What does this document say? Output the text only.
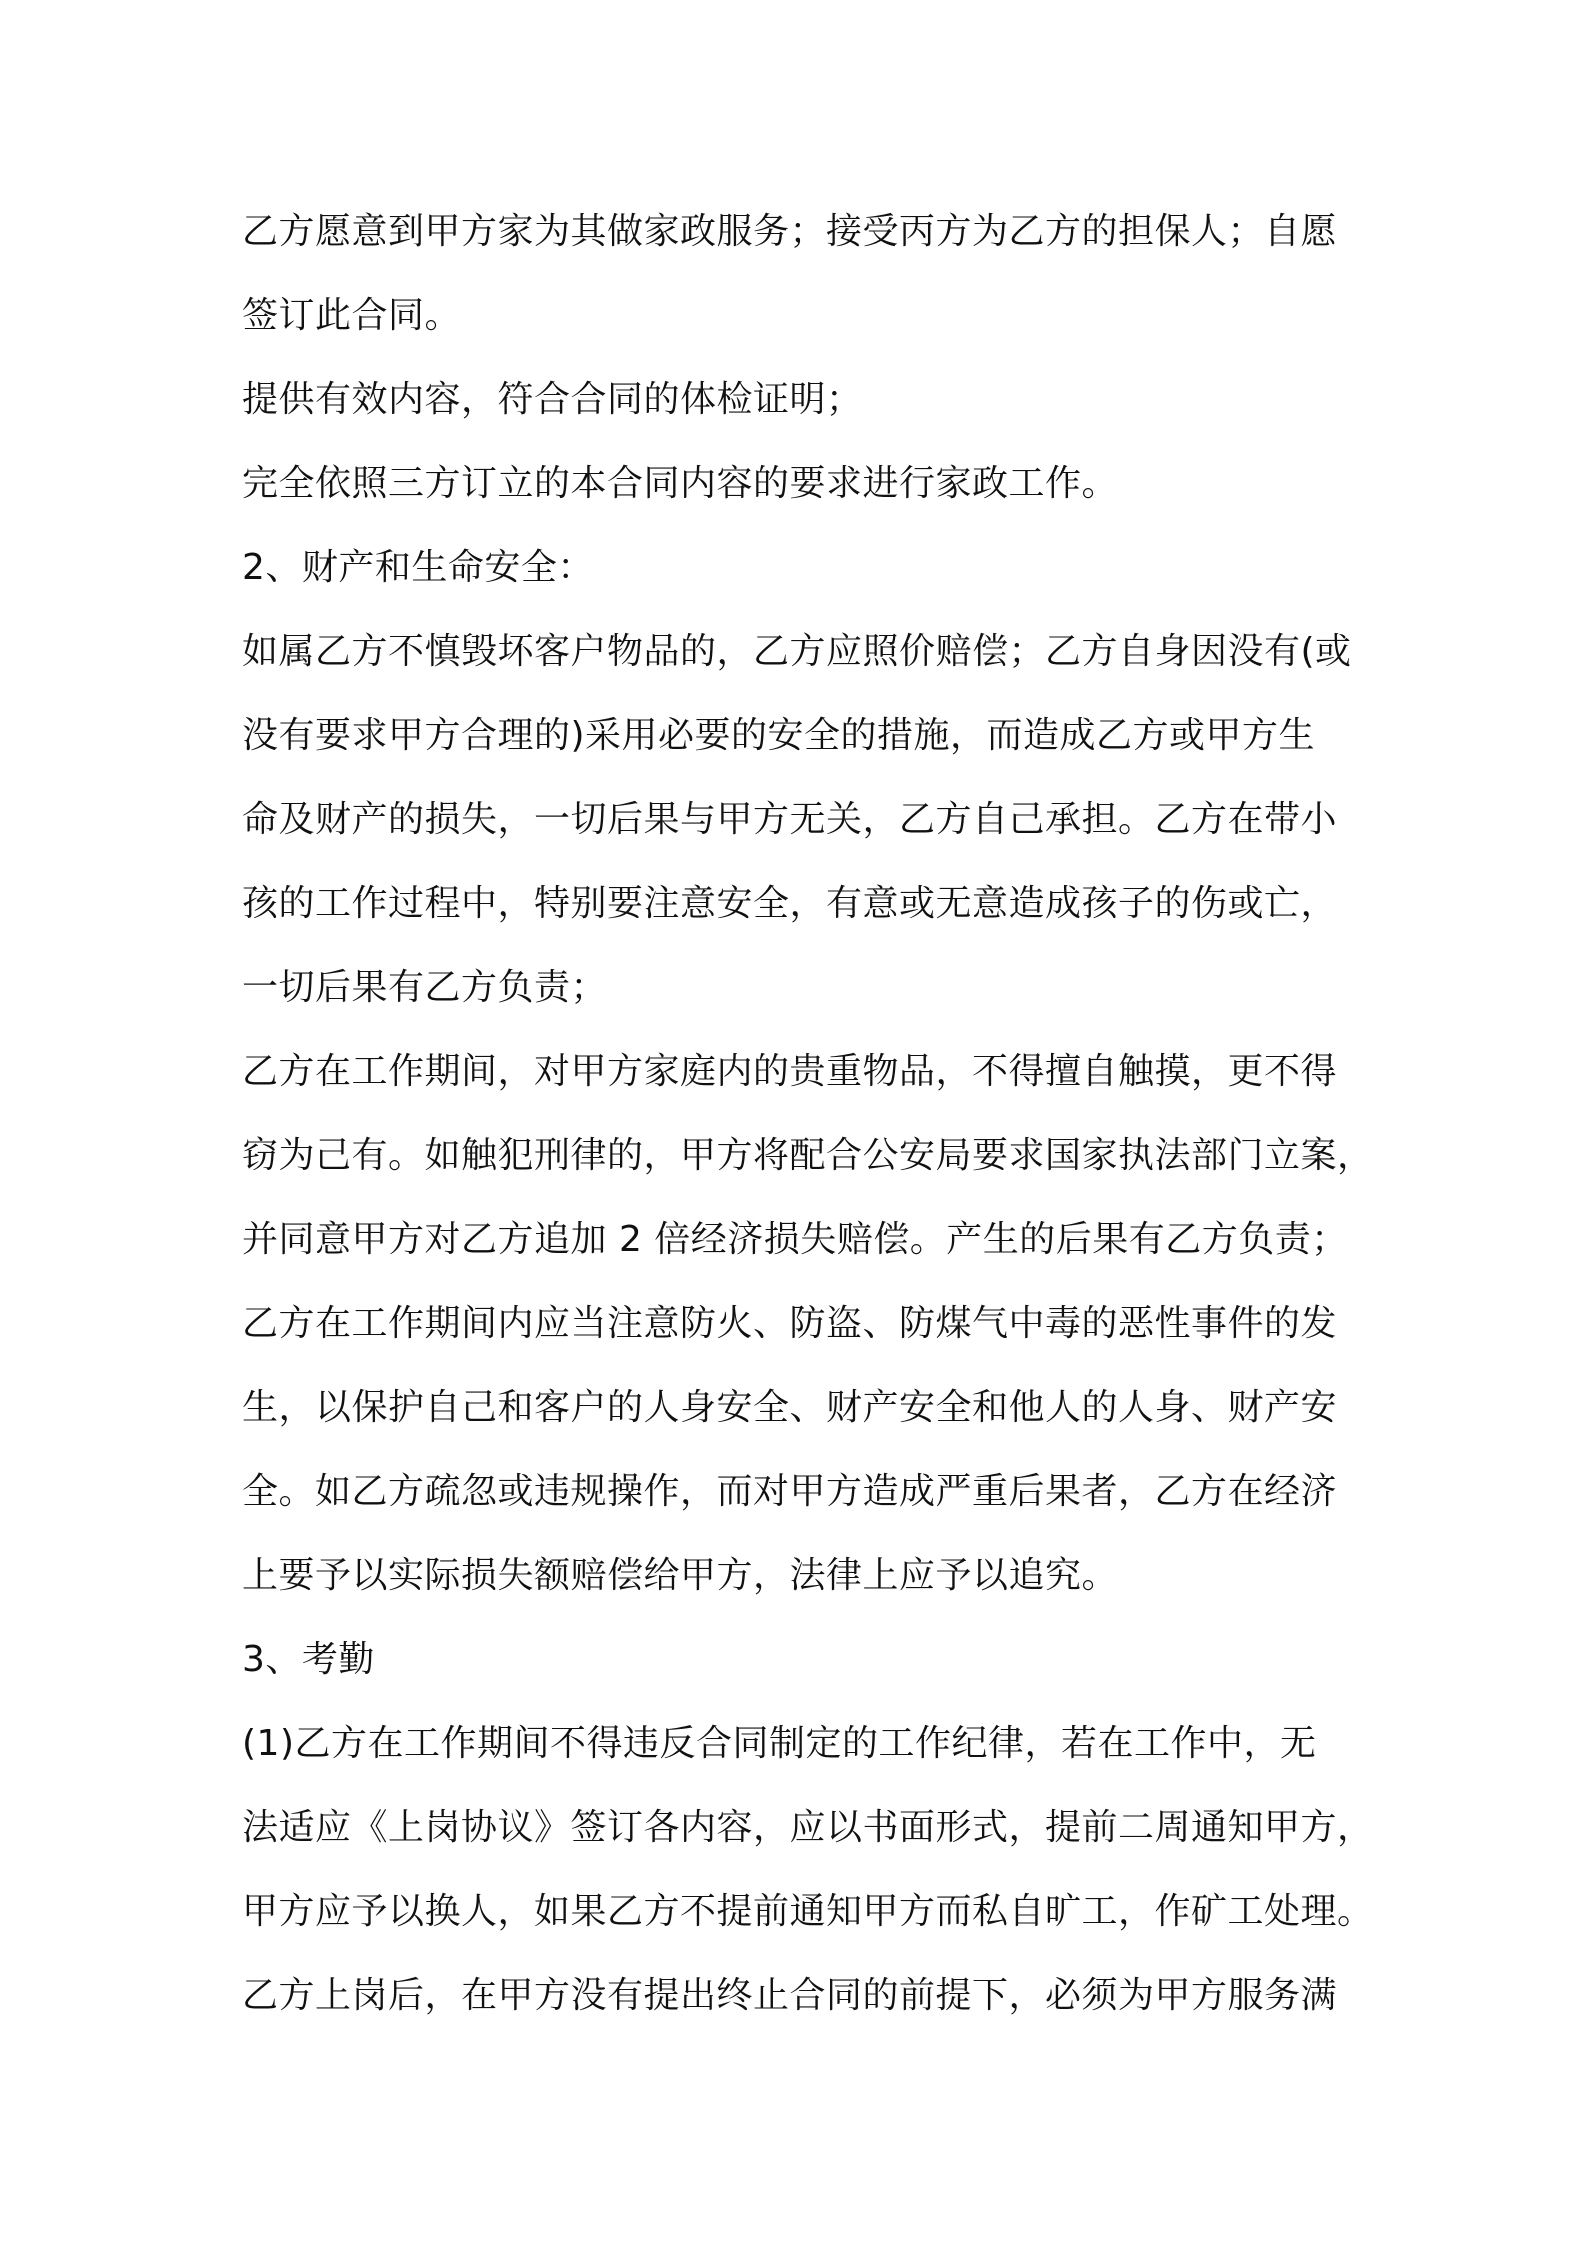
乙方愿意到甲方家为其做家政服务；接受丙方为乙方的担保人；自愿
签订此合同。
提供有效内容，符合合同的体检证明；
完全依照三方订立的本合同内容的要求进行家政工作。
2、财产和生命安全：
如属乙方不慎毁坏客户物品的，乙方应照价赔偿；乙方自身因没有(或
没有要求甲方合理的)采用必要的安全的措施，而造成乙方或甲方生
命及财产的损失，一切后果与甲方无关，乙方自己承担。乙方在带小
孩的工作过程中，特别要注意安全，有意或无意造成孩子的伤或亡，
一切后果有乙方负责；
乙方在工作期间，对甲方家庭内的贵重物品，不得擅自触摸，更不得
窃为己有。如触犯刑律的，甲方将配合公安局要求国家执法部门立案，
并同意甲方对乙方追加 2 倍经济损失赔偿。产生的后果有乙方负责；
乙方在工作期间内应当注意防火、防盗、防煤气中毒的恶性事件的发
生，以保护自己和客户的人身安全、财产安全和他人的人身、财产安
全。如乙方疏忽或违规操作，而对甲方造成严重后果者，乙方在经济
上要予以实际损失额赔偿给甲方，法律上应予以追究。
3、考勤
(1)乙方在工作期间不得违反合同制定的工作纪律，若在工作中，无
法适应《上岗协议》签订各内容，应以书面形式，提前二周通知甲方，
甲方应予以换人，如果乙方不提前通知甲方而私自旷工，作矿工处理。
乙方上岗后，在甲方没有提出终止合同的前提下，必须为甲方服务满
